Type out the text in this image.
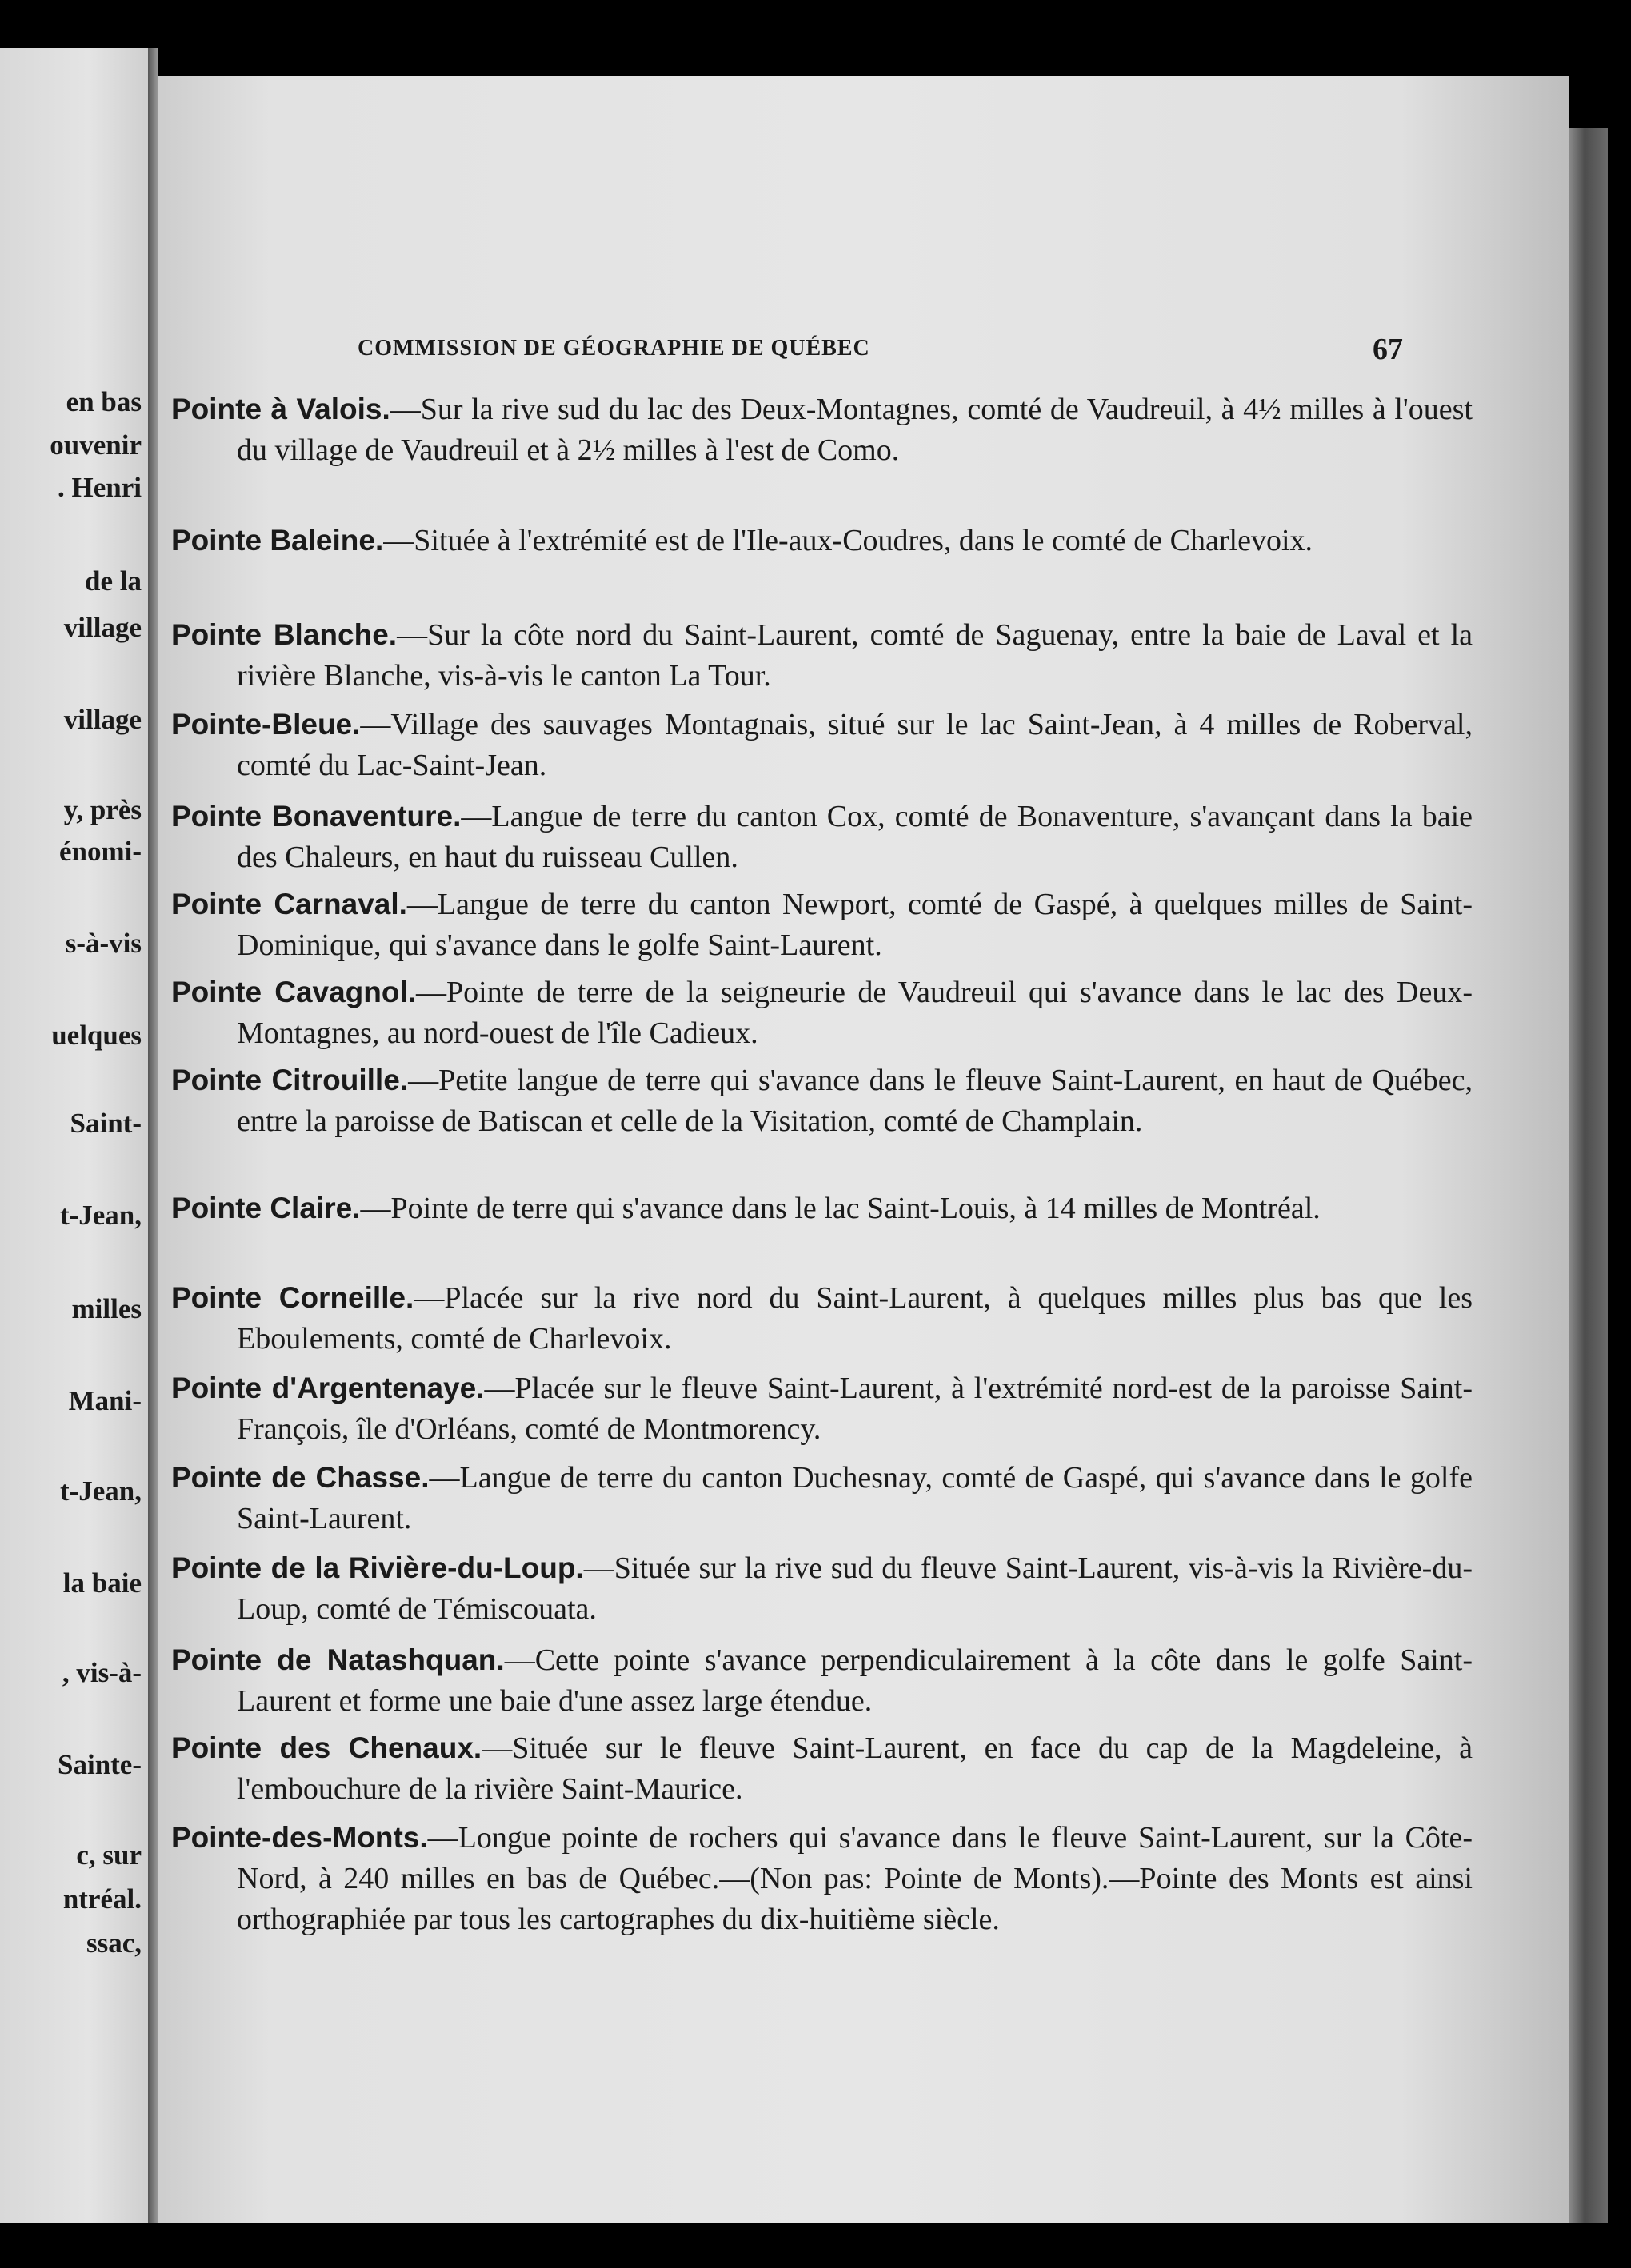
en bas
ouvenir
. Henri
de la
village
village
y, près
énomi-
s-à-vis
uelques
Saint-
t-Jean,
milles
Mani-
t-Jean,
la baie
, vis-à-
Sainte-
c, sur
ntréal.
ssac,
COMMISSION DE GÉOGRAPHIE DE QUÉBEC	67
Pointe à Valois.—Sur la rive sud du lac des Deux-Montagnes, comté de Vaudreuil, à 4½ milles à l'ouest du village de Vaudreuil et à 2½ milles à l'est de Como.
Pointe Baleine.—Située à l'extrémité est de l'Ile-aux-Coudres, dans le comté de Charlevoix.
Pointe Blanche.—Sur la côte nord du Saint-Laurent, comté de Saguenay, entre la baie de Laval et la rivière Blanche, vis-à-vis le canton La Tour.
Pointe-Bleue.—Village des sauvages Montagnais, situé sur le lac Saint-Jean, à 4 milles de Roberval, comté du Lac-Saint-Jean.
Pointe Bonaventure.—Langue de terre du canton Cox, comté de Bonaventure, s'avançant dans la baie des Chaleurs, en haut du ruisseau Cullen.
Pointe Carnaval.—Langue de terre du canton Newport, comté de Gaspé, à quelques milles de Saint-Dominique, qui s'avance dans le golfe Saint-Laurent.
Pointe Cavagnol.—Pointe de terre de la seigneurie de Vaudreuil qui s'avance dans le lac des Deux-Montagnes, au nord-ouest de l'île Cadieux.
Pointe Citrouille.—Petite langue de terre qui s'avance dans le fleuve Saint-Laurent, en haut de Québec, entre la paroisse de Batiscan et celle de la Visitation, comté de Champlain.
Pointe Claire.—Pointe de terre qui s'avance dans le lac Saint-Louis, à 14 milles de Montréal.
Pointe Corneille.—Placée sur la rive nord du Saint-Laurent, à quelques milles plus bas que les Eboulements, comté de Charlevoix.
Pointe d'Argentenaye.—Placée sur le fleuve Saint-Laurent, à l'extrémité nord-est de la paroisse Saint-François, île d'Orléans, comté de Montmorency.
Pointe de Chasse.—Langue de terre du canton Duchesnay, comté de Gaspé, qui s'avance dans le golfe Saint-Laurent.
Pointe de la Rivière-du-Loup.—Située sur la rive sud du fleuve Saint-Laurent, vis-à-vis la Rivière-du-Loup, comté de Témiscouata.
Pointe de Natashquan.—Cette pointe s'avance perpendiculairement à la côte dans le golfe Saint-Laurent et forme une baie d'une assez large étendue.
Pointe des Chenaux.—Située sur le fleuve Saint-Laurent, en face du cap de la Magdeleine, à l'embouchure de la rivière Saint-Maurice.
Pointe-des-Monts.—Longue pointe de rochers qui s'avance dans le fleuve Saint-Laurent, sur la Côte-Nord, à 240 milles en bas de Québec.—(Non pas: Pointe de Monts).—Pointe des Monts est ainsi orthographiée par tous les cartographes du dix-huitième siècle.
